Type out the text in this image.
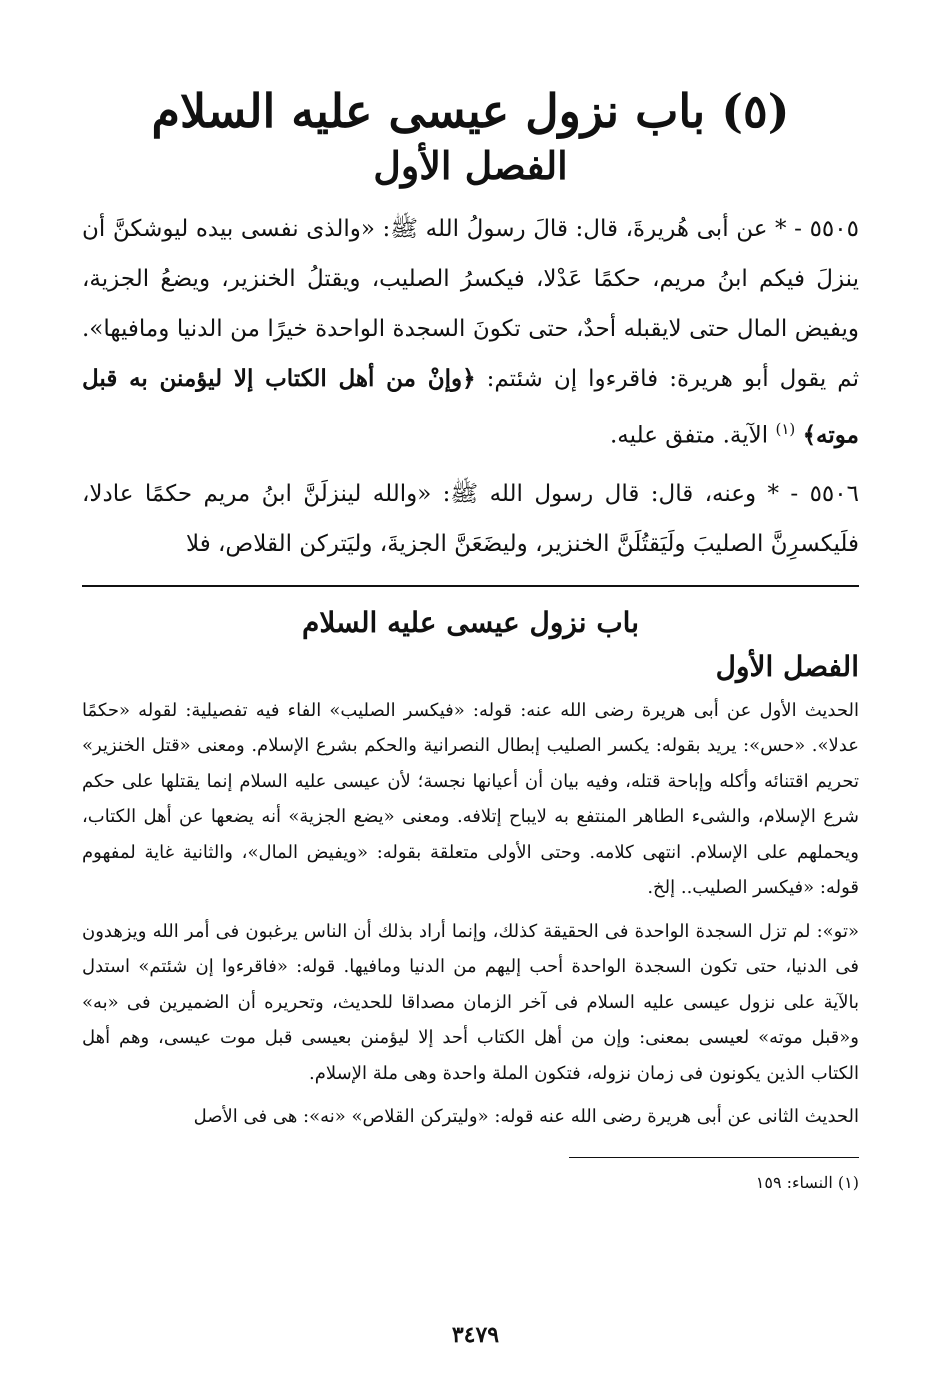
(٥) باب نزول عيسى عليه السلام
الفصل الأول

٥٥٠٥ - * عن أبى هُريرةَ، قال: قالَ رسولُ الله ﷺ: «والذى نفسى بيده ليوشكنَّ أن ينزلَ فيكم ابنُ مريم، حكمًا عَدْلا، فيكسرُ الصليب، ويقتلُ الخنزير، ويضعُ الجزية، ويفيض المال حتى لايقبله أحدٌ، حتى تكونَ السجدة الواحدة خيرًا من الدنيا ومافيها». ثم يقول أبو هريرة: فاقرءوا إن شئتم: ﴿وإنْ من أهل الكتاب إلا ليؤمنن به قبل موته﴾ $^{(١)}$ الآية. متفق عليه.

٥٥٠٦ - * وعنه، قال: قال رسول الله ﷺ: «والله لينزلَنَّ ابنُ مريم حكمًا عادلا، فلَيكسرِنَّ الصليبَ ولَيَقتُلَنَّ الخنزير، وليضَعَنَّ الجزيةَ، وليَتركن القلاص، فلا

باب نزول عيسى عليه السلام
الفصل الأول

الحديث الأول عن أبى هريرة رضى الله عنه: قوله: «فيكسر الصليب» الفاء فيه تفصيلية: لقوله «حكمًا عدلا». «حس»: يريد بقوله: يكسر الصليب إبطال النصرانية والحكم بشرع الإسلام. ومعنى «قتل الخنزير» تحريم اقتنائه وأكله وإباحة قتله، وفيه بيان أن أعيانها نجسة؛ لأن عيسى عليه السلام إنما يقتلها على حكم شرع الإسلام، والشىء الطاهر المنتفع به لايباح إتلافه. ومعنى «يضع الجزية» أنه يضعها عن أهل الكتاب، ويحملهم على الإسلام. انتهى كلامه. وحتى الأولى متعلقة بقوله: «ويفيض المال»، والثانية غاية لمفهوم قوله: «فيكسر الصليب.. إلخ.

«تو»: لم تزل السجدة الواحدة فى الحقيقة كذلك، وإنما أراد بذلك أن الناس يرغبون فى أمر الله ويزهدون فى الدنيا، حتى تكون السجدة الواحدة أحب إليهم من الدنيا ومافيها. قوله: «فاقرءوا إن شئتم» استدل بالآية على نزول عيسى عليه السلام فى آخر الزمان مصداقا للحديث، وتحريره أن الضميرين فى «به» و«قبل موته» لعيسى بمعنى: وإن من أهل الكتاب أحد إلا ليؤمنن بعيسى قبل موت عيسى، وهم أهل الكتاب الذين يكونون فى زمان نزوله، فتكون الملة واحدة وهى ملة الإسلام.

الحديث الثانى عن أبى هريرة رضى الله عنه قوله: «وليتركن القلاص» «نه»: هى فى الأصل

(١) النساء: ١٥٩

٣٤٧٩
